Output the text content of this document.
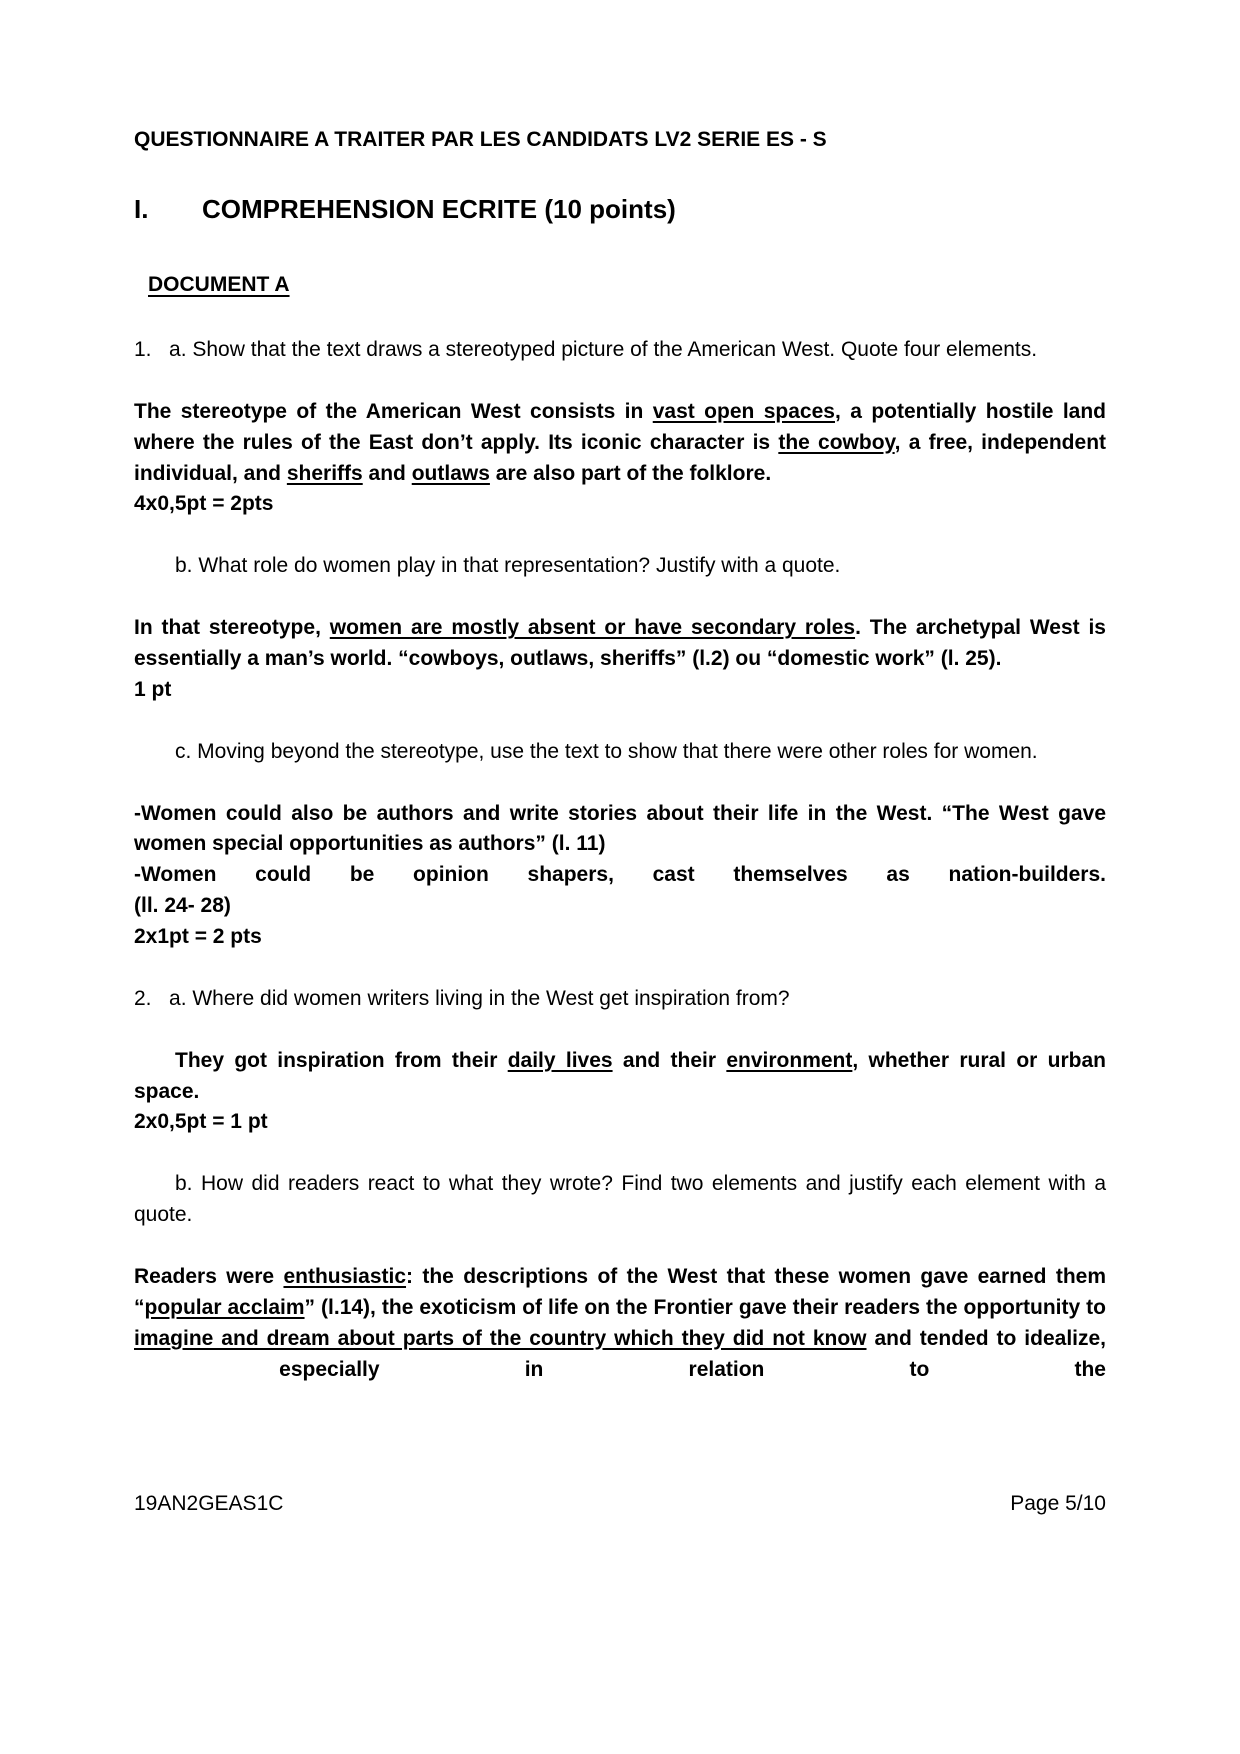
QUESTIONNAIRE A TRAITER PAR LES CANDIDATS LV2 SERIE ES - S

I.	COMPREHENSION ECRITE (10 points)
DOCUMENT A

1.   a. Show that the text draws a stereotyped picture of the American West. Quote four elements.

The stereotype of the American West consists in vast open spaces, a potentially hostile land where the rules of the East don’t apply. Its iconic character is the cowboy, a free, independent individual, and sheriffs and outlaws are also part of the folklore.

4x0,5pt = 2pts

b. What role do women play in that representation? Justify with a quote.

In that stereotype, women are mostly absent or have secondary roles. The archetypal West is essentially a man’s world. “cowboys, outlaws, sheriffs” (l.2) ou “domestic work” (l. 25).

1 pt

c. Moving beyond the stereotype, use the text to show that there were other roles for women.

-Women could also be authors and write stories about their life in the West. “The West gave women special opportunities as authors” (l. 11)

-Women could be opinion shapers, cast themselves as nation-builders.

(ll. 24- 28)

2x1pt = 2 pts

2.   a. Where did women writers living in the West get inspiration from?

They got inspiration from their daily lives and their environment, whether rural or urban space.

2x0,5pt = 1 pt

b. How did readers react to what they wrote? Find two elements and justify each element with a quote.

Readers were enthusiastic: the descriptions of the West that these women gave earned them “popular acclaim” (l.14), the exoticism of life on the Frontier gave their readers the opportunity to imagine and dream about parts of the country which they did not know and tended to idealize,  especially in relation to the

19AN2GEAS1C	Page 5/10
